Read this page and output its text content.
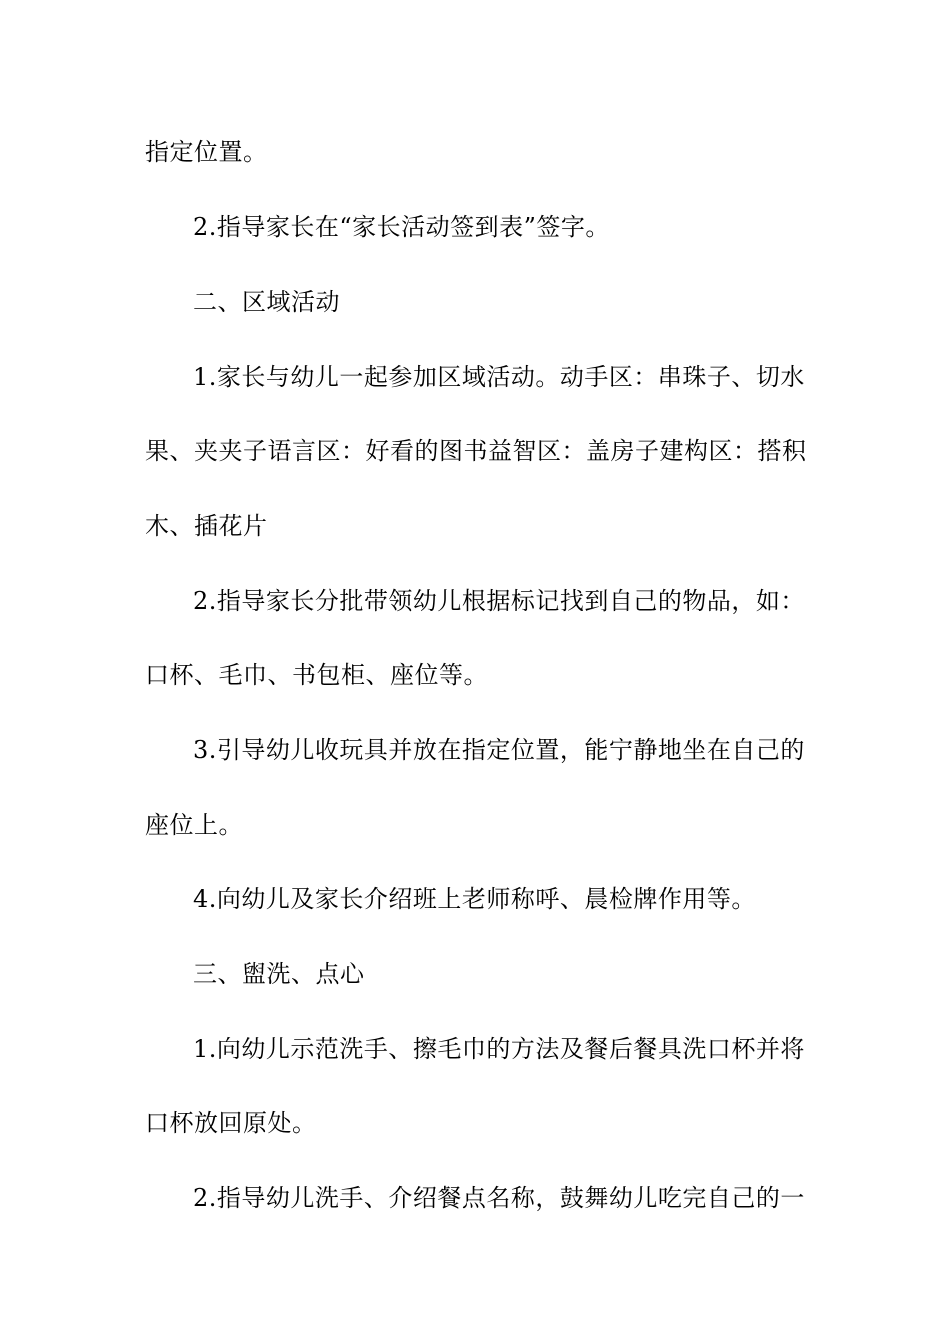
指定位置。
2.指导家长在“家长活动签到表”签字。
二、区域活动
1.家长与幼儿一起参加区域活动。动手区：串珠子、切水
果、夹夹子语言区：好看的图书益智区：盖房子建构区：搭积
木、插花片
2.指导家长分批带领幼儿根据标记找到自己的物品，如：
口杯、毛巾、书包柜、座位等。
3.引导幼儿收玩具并放在指定位置，能宁静地坐在自己的
座位上。
4.向幼儿及家长介绍班上老师称呼、晨检牌作用等。
三、盥洗、点心
1.向幼儿示范洗手、擦毛巾的方法及餐后餐具洗口杯并将
口杯放回原处。
2.指导幼儿洗手、介绍餐点名称，鼓舞幼儿吃完自己的一
